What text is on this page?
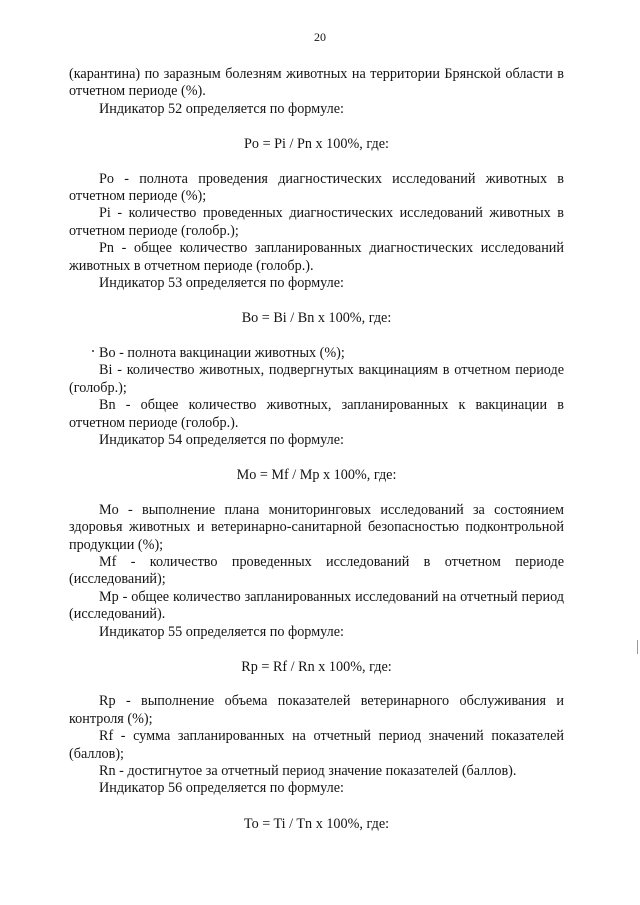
20

(карантина) по заразным болезням животных на территории Брянской области в отчетном периоде (%).

Индикатор 52 определяется по формуле:

Po = Pi / Pn x 100%, где:

Po - полнота проведения диагностических исследований животных в отчетном периоде (%);

Pi - количество проведенных диагностических исследований животных в отчетном периоде (голобр.);

Pn - общее количество запланированных диагностических исследований животных в отчетном периоде (голобр.).

Индикатор 53 определяется по формуле:

Bo = Bi / Bn x 100%, где:

Bo - полнота вакцинации животных (%);

Bi - количество животных, подвергнутых вакцинациям в отчетном периоде (голобр.);

Bn - общее количество животных, запланированных к вакцинации в отчетном периоде (голобр.).

Индикатор 54 определяется по формуле:

Mo = Mf / Mp x 100%, где:

Mo - выполнение плана мониторинговых исследований за состоянием здоровья животных и ветеринарно-санитарной безопасностью подконтрольной продукции (%);

Mf - количество проведенных исследований в отчетном периоде (исследований);

Mp - общее количество запланированных исследований на отчетный период (исследований).

Индикатор 55 определяется по формуле:

Rp = Rf / Rn x 100%, где:

Rp - выполнение объема показателей ветеринарного обслуживания и контроля (%);

Rf - сумма запланированных на отчетный период значений показателей (баллов);

Rn - достигнутое за отчетный период значение показателей (баллов).

Индикатор 56 определяется по формуле:

To = Ti / Tn x 100%, где:
